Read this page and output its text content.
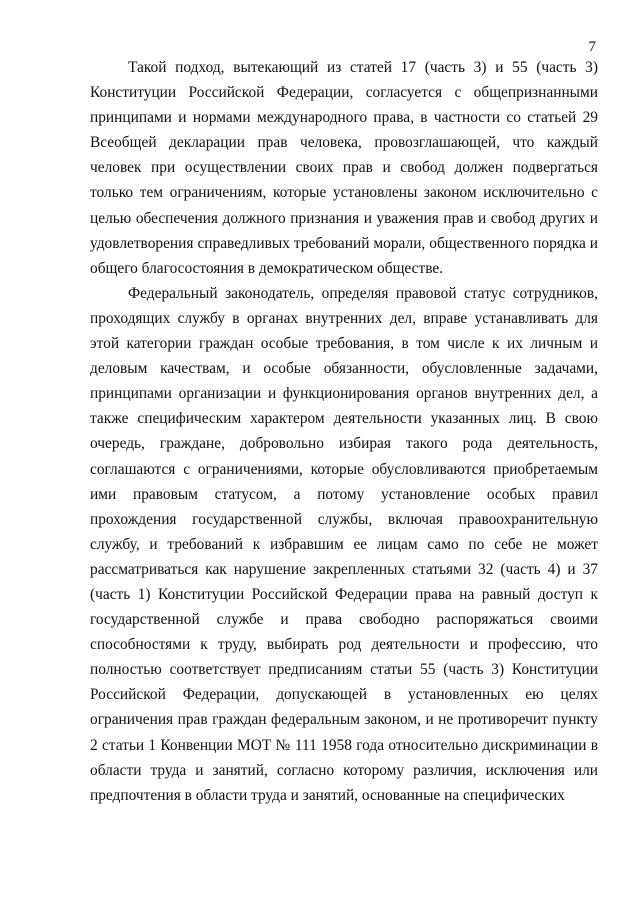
7

Такой подход, вытекающий из статей 17 (часть 3) и 55 (часть 3) Конституции Российской Федерации, согласуется с общепризнанными принципами и нормами международного права, в частности со статьей 29 Всеобщей декларации прав человека, провозглашающей, что каждый человек при осуществлении своих прав и свобод должен подвергаться только тем ограничениям, которые установлены законом исключительно с целью обеспечения должного признания и уважения прав и свобод других и удовлетворения справедливых требований морали, общественного порядка и общего благосостояния в демократическом обществе.

Федеральный законодатель, определяя правовой статус сотрудников, проходящих службу в органах внутренних дел, вправе устанавливать для этой категории граждан особые требования, в том числе к их личным и деловым качествам, и особые обязанности, обусловленные задачами, принципами организации и функционирования органов внутренних дел, а также специфическим характером деятельности указанных лиц. В свою очередь, граждане, добровольно избирая такого рода деятельность, соглашаются с ограничениями, которые обусловливаются приобретаемым ими правовым статусом, а потому установление особых правил прохождения государственной службы, включая правоохранительную службу, и требований к избравшим ее лицам само по себе не может рассматриваться как нарушение закрепленных статьями 32 (часть 4) и 37 (часть 1) Конституции Российской Федерации права на равный доступ к государственной службе и права свободно распоряжаться своими способностями к труду, выбирать род деятельности и профессию, что полностью соответствует предписаниям статьи 55 (часть 3) Конституции Российской Федерации, допускающей в установленных ею целях ограничения прав граждан федеральным законом, и не противоречит пункту 2 статьи 1 Конвенции МОТ № 111 1958 года относительно дискриминации в области труда и занятий, согласно которому различия, исключения или предпочтения в области труда и занятий, основанные на специфических
